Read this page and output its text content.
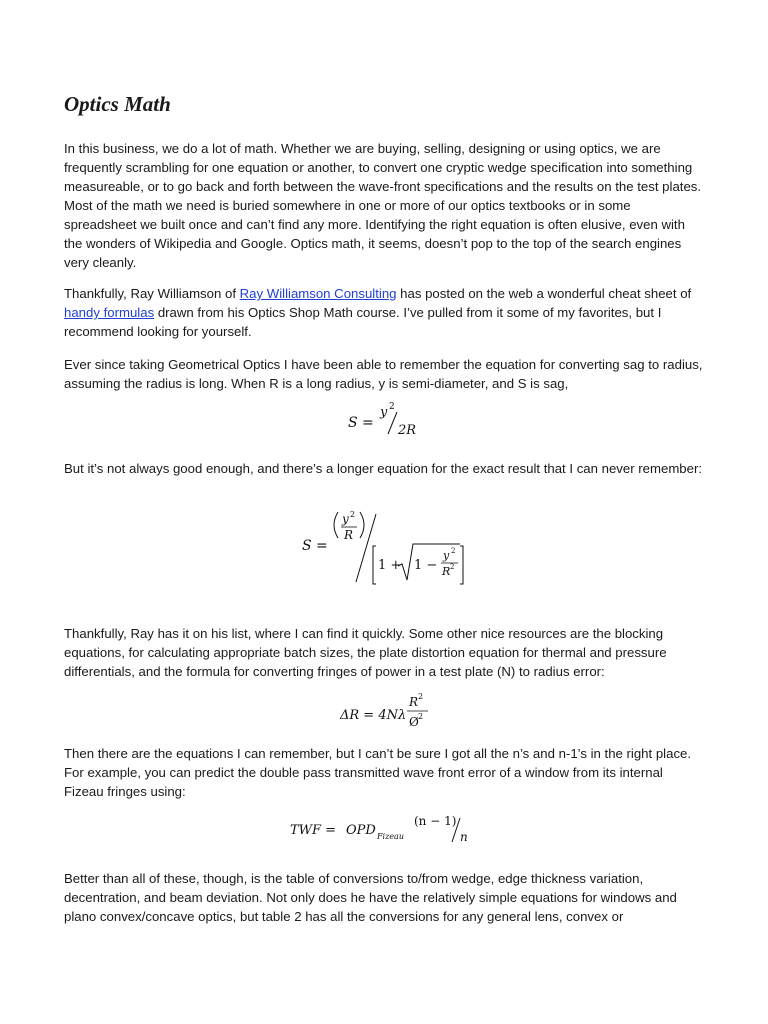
Optics Math

In this business, we do a lot of math. Whether we are buying, selling, designing or using optics, we are frequently scrambling for one equation or another, to convert one cryptic wedge specification into something measureable, or to go back and forth between the wave-front specifications and the results on the test plates. Most of the math we need is buried somewhere in one or more of our optics textbooks or in some spreadsheet we built once and can’t find any more. Identifying the right equation is often elusive, even with the wonders of Wikipedia and Google. Optics math, it seems, doesn’t pop to the top of the search engines very cleanly.

Thankfully, Ray Williamson of Ray Williamson Consulting has posted on the web a wonderful cheat sheet of handy formulas drawn from his Optics Shop Math course. I’ve pulled from it some of my favorites, but I recommend looking for yourself.

Ever since taking Geometrical Optics I have been able to remember the equation for converting sag to radius, assuming the radius is long. When R is a long radius, y is semi-diameter, and S is sag,

S =
y 2
2R

But it’s not always good enough, and there’s a longer equation for the exact result that I can never remember:

S =
y 2
R
1 + 1 −
y 2
R 2

Thankfully, Ray has it on his list, where I can find it quickly. Some other nice resources are the blocking equations, for calculating appropriate batch sizes, the plate distortion equation for thermal and pressure differentials, and the formula for converting fringes of power in a test plate (N) to radius error:

ΔR = 4Nλ
R 2
Ø 2

Then there are the equations I can remember, but I can’t be sure I got all the n’s and n-1’s in the right place. For example, you can predict the double pass transmitted wave front error of a window from its internal Fizeau fringes using:

TWF = OPD Fizeau
(n − 1)
n

Better than all of these, though, is the table of conversions to/from wedge, edge thickness variation, decentration, and beam deviation. Not only does he have the relatively simple equations for windows and plano convex/concave optics, but table 2 has all the conversions for any general lens, convex or
